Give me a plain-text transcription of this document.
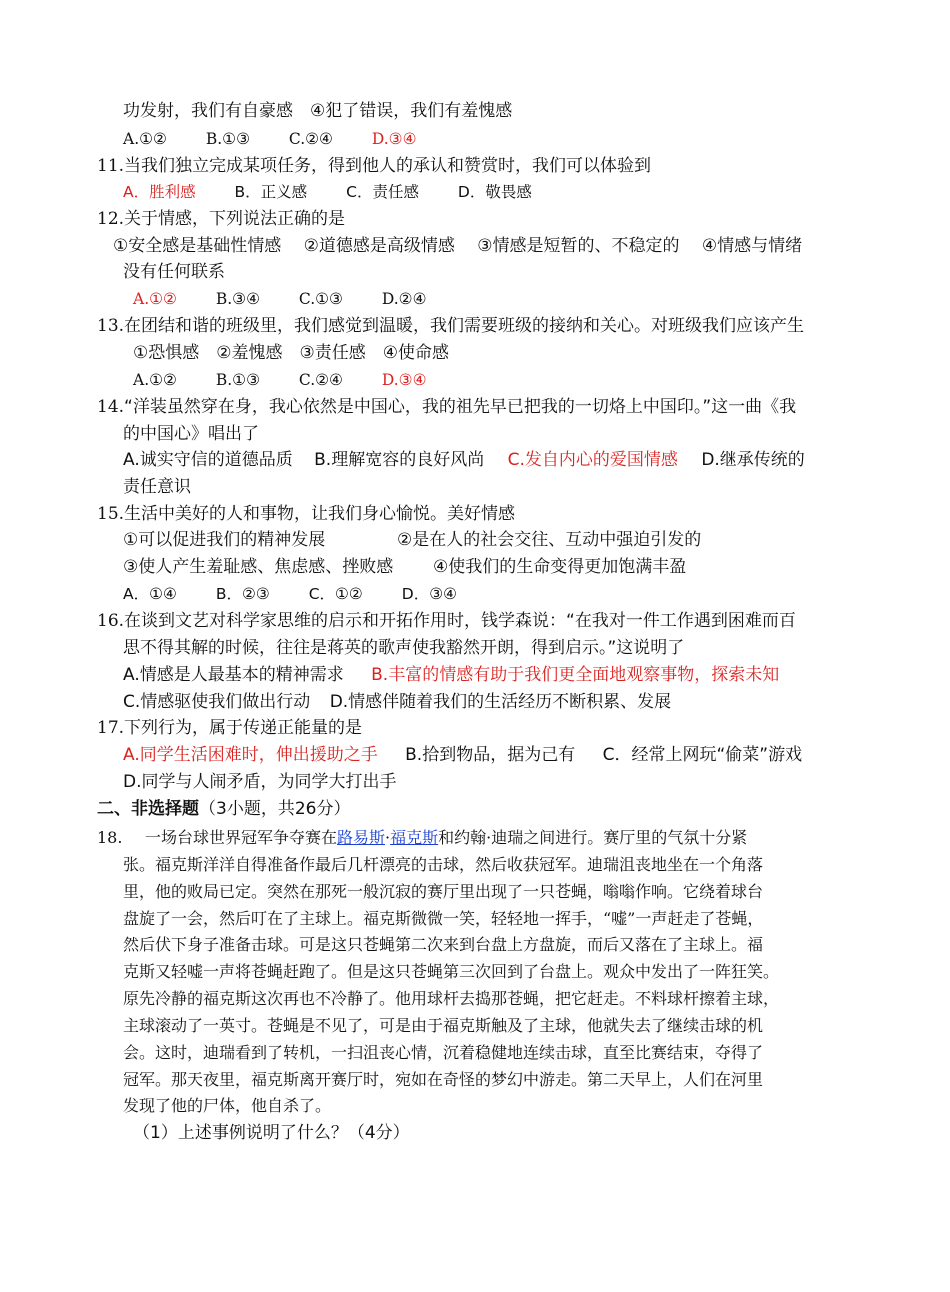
功发射，我们有自豪感　④犯了错误，我们有羞愧感
A.①②	B.①③	C.②④	D.③④
11.当我们独立完成某项任务，得到他人的承认和赞赏时，我们可以体验到
A．胜利感	B．正义感	C．责任感	D．敬畏感
12.关于情感，下列说法正确的是
①安全感是基础性情感　 ②道德感是高级情感　 ③情感是短暂的、不稳定的　 ④情感与情绪
没有任何联系
A.①②	B.③④	C.①③	D.②④
13.在团结和谐的班级里，我们感觉到温暖，我们需要班级的接纳和关心。对班级我们应该产生
①恐惧感　②羞愧感　③责任感　④使命感
A.①②	B.①③	C.②④	D.③④
14.“洋装虽然穿在身，我心依然是中国心，我的祖先早已把我的一切烙上中国印。”这一曲《我
的中国心》唱出了
A.诚实守信的道德品质 B.理解宽容的良好风尚 C.发自内心的爱国情感 D.继承传统的
责任意识
15.生活中美好的人和事物，让我们身心愉悦。美好情感
①可以促进我们的精神发展	②是在人的社会交往、互动中强迫引发的
③使人产生羞耻感、焦虑感、挫败感 ④使我们的生命变得更加饱满丰盈
A．①④	B．②③	C．①②	D．③④
16.在谈到文艺对科学家思维的启示和开拓作用时，钱学森说：“在我对一件工作遇到困难而百
思不得其解的时候，往往是蒋英的歌声使我豁然开朗，得到启示。”这说明了
A.情感是人最基本的精神需求 B.丰富的情感有助于我们更全面地观察事物，探索未知
C.情感驱使我们做出行动 D.情感伴随着我们的生活经历不断积累、发展
17.下列行为，属于传递正能量的是
A.同学生活困难时，伸出援助之手 B.拾到物品，据为己有 C．经常上网玩“偷菜”游戏
D.同学与人闹矛盾，为同学大打出手
二、非选择题（3小题，共26分）
18. 一场台球世界冠军争夺赛在路易斯·福克斯和约翰·迪瑞之间进行。赛厅里的气氛十分紧
张。福克斯洋洋自得准备作最后几杆漂亮的击球，然后收获冠军。迪瑞沮丧地坐在一个角落
里，他的败局已定。突然在那死一般沉寂的赛厅里出现了一只苍蝇，嗡嗡作响。它绕着球台
盘旋了一会，然后叮在了主球上。福克斯微微一笑，轻轻地一挥手，“嘘”一声赶走了苍蝇，
然后伏下身子准备击球。可是这只苍蝇第二次来到台盘上方盘旋，而后又落在了主球上。福
克斯又轻嘘一声将苍蝇赶跑了。但是这只苍蝇第三次回到了台盘上。观众中发出了一阵狂笑。
原先冷静的福克斯这次再也不冷静了。他用球杆去捣那苍蝇，把它赶走。不料球杆擦着主球，
主球滚动了一英寸。苍蝇是不见了，可是由于福克斯触及了主球，他就失去了继续击球的机
会。这时，迪瑞看到了转机，一扫沮丧心情，沉着稳健地连续击球，直至比赛结束，夺得了
冠军。那天夜里，福克斯离开赛厅时，宛如在奇怪的梦幻中游走。第二天早上，人们在河里
发现了他的尸体，他自杀了。
（1）上述事例说明了什么？（4分）
